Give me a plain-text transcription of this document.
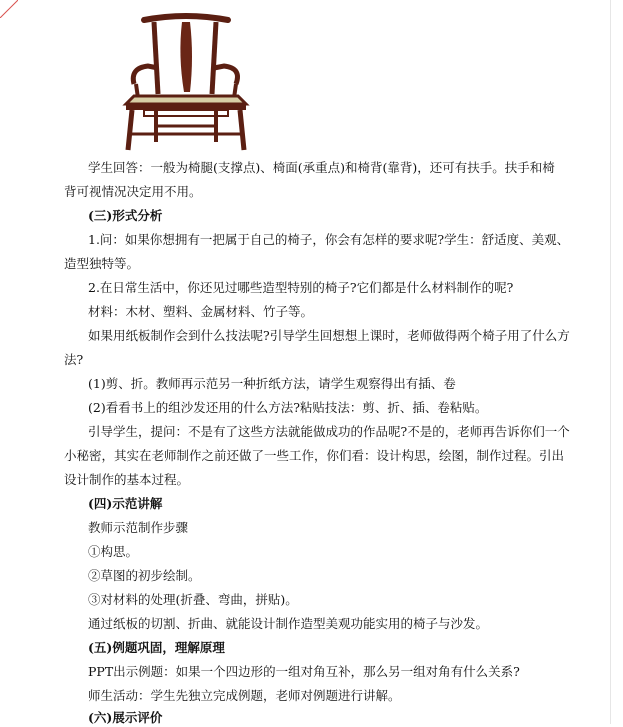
学生回答：一般为椅腿(支撑点)、椅面(承重点)和椅背(靠背)，还可有扶手。扶手和椅
背可视情况决定用不用。
(三)形式分析
1.问：如果你想拥有一把属于自己的椅子，你会有怎样的要求呢?学生：舒适度、美观、
造型独特等。
2.在日常生活中，你还见过哪些造型特别的椅子?它们都是什么材料制作的呢?
材料：木材、塑料、金属材料、竹子等。
如果用纸板制作会到什么技法呢?引导学生回想想上课时，老师做得两个椅子用了什么方
法?
(1)剪、折。教师再示范另一种折纸方法，请学生观察得出有插、卷
(2)看看书上的组沙发还用的什么方法?粘贴技法：剪、折、插、卷粘贴。
引导学生，提问：不是有了这些方法就能做成功的作品呢?不是的，老师再告诉你们一个
小秘密，其实在老师制作之前还做了一些工作，你们看：设计构思，绘图，制作过程。引出
设计制作的基本过程。
(四)示范讲解
教师示范制作步骤
①构思。
②草图的初步绘制。
③对材料的处理(折叠、弯曲，拼贴)。
通过纸板的切割、折曲、就能设计制作造型美观功能实用的椅子与沙发。
(五)例题巩固，理解原理
PPT出示例题：如果一个四边形的一组对角互补，那么另一组对角有什么关系?
师生活动：学生先独立完成例题，老师对例题进行讲解。
(六)展示评价
